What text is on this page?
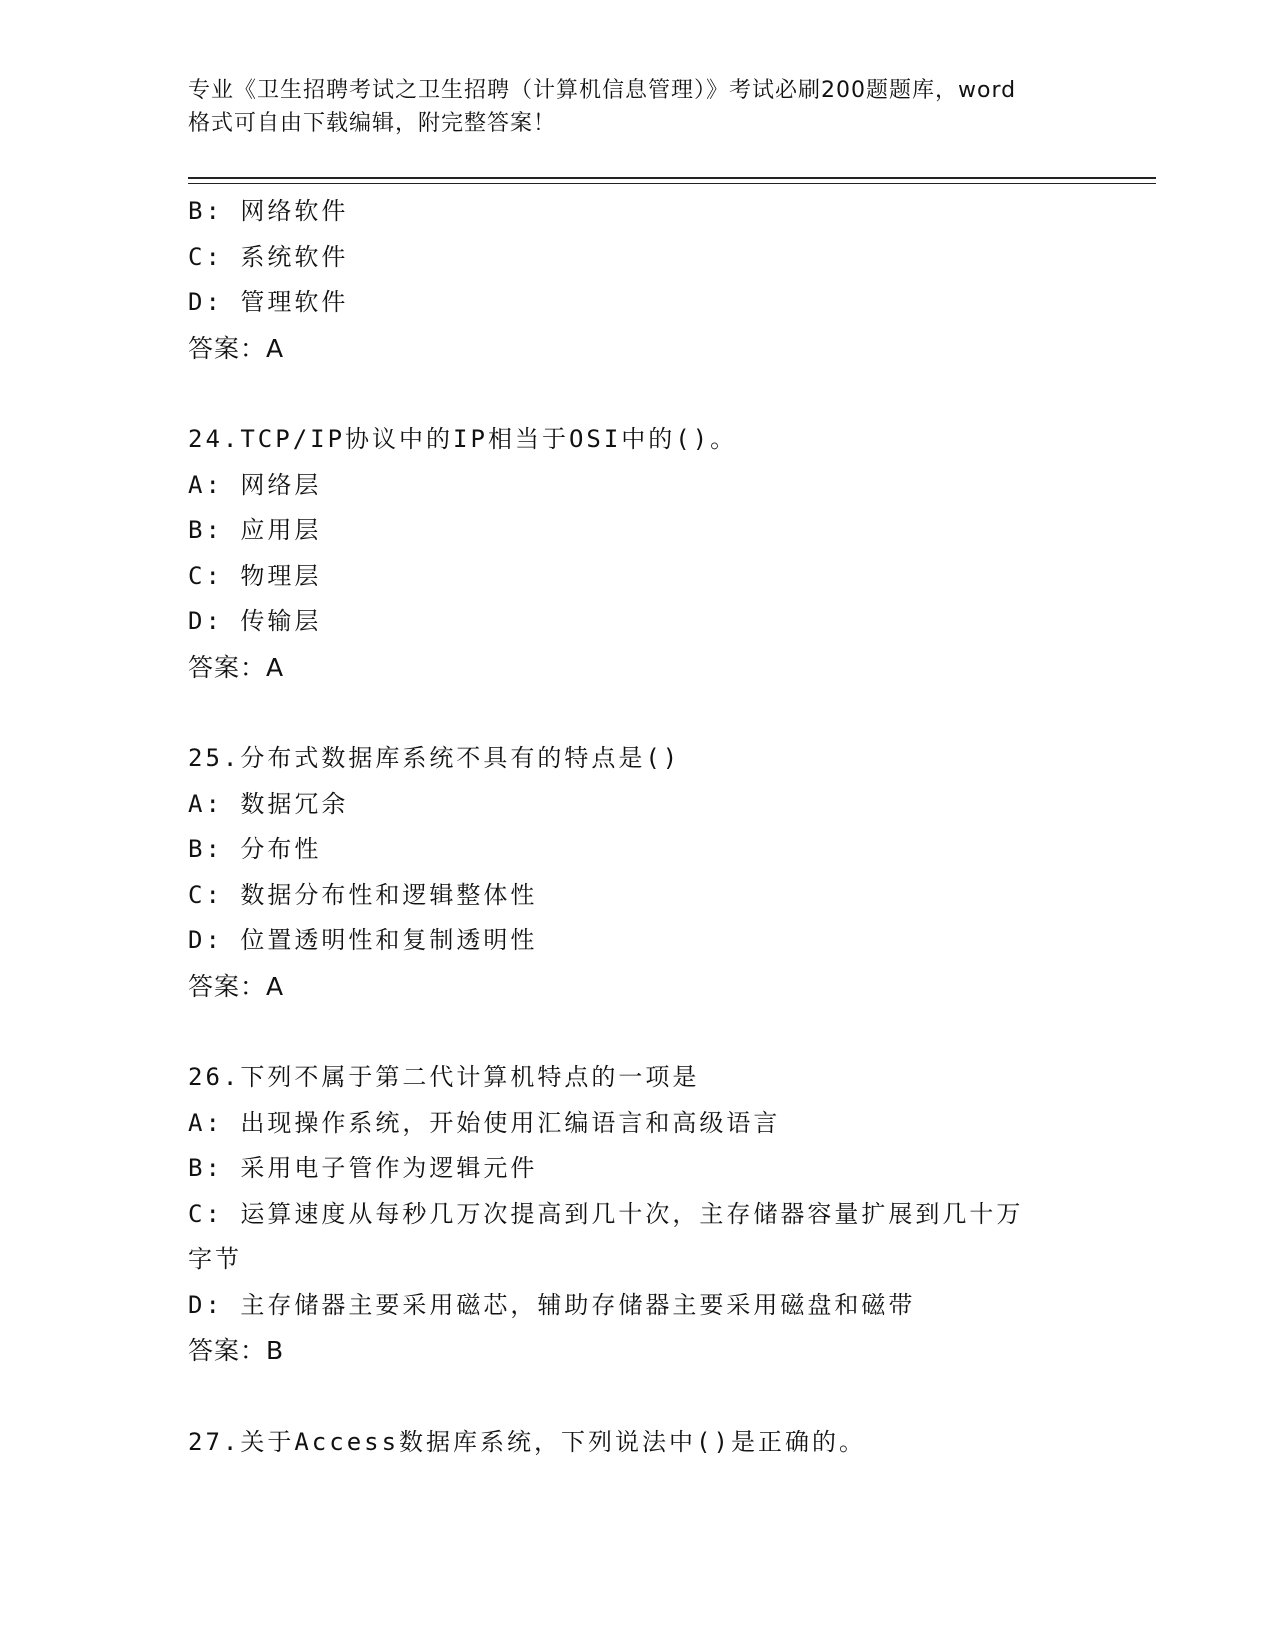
专业《卫生招聘考试之卫生招聘（计算机信息管理）》考试必刷200题题库，word
格式可自由下载编辑，附完整答案！
B: 网络软件
C: 系统软件
D: 管理软件
答案：A
24.TCP/IP协议中的IP相当于OSI中的()。
A: 网络层
B: 应用层
C: 物理层
D: 传输层
答案：A
25.分布式数据库系统不具有的特点是()
A: 数据冗余
B: 分布性
C: 数据分布性和逻辑整体性
D: 位置透明性和复制透明性
答案：A
26.下列不属于第二代计算机特点的一项是
A: 出现操作系统，开始使用汇编语言和高级语言
B: 采用电子管作为逻辑元件
C: 运算速度从每秒几万次提高到几十次，主存储器容量扩展到几十万
字节
D: 主存储器主要采用磁芯，辅助存储器主要采用磁盘和磁带
答案：B
27.关于Access数据库系统，下列说法中()是正确的。
